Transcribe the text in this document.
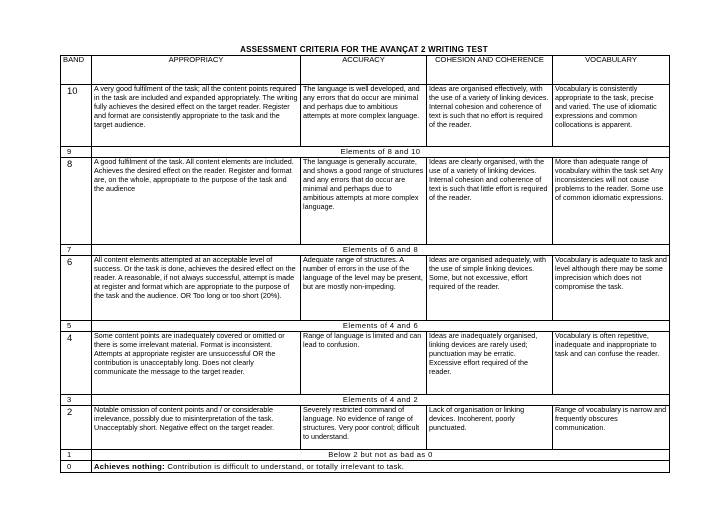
ASSESSMENT CRITERIA FOR THE AVANÇAT 2 WRITING TEST
BAND	APPROPRIACY	ACCURACY	COHESION AND COHERENCE	VOCABULARY
10	A very good fulfilment of the task; all the content points required in the task are included and expanded appropriately. The writing fully achieves the desired effect on the target reader. Register and format are consistently appropriate to the task and the target audience.	The language is well developed, and any errors that do occur are minimal and perhaps due to ambitious attempts at more complex language.	Ideas are organised effectively, with the use of a variety of linking devices. Internal cohesion and coherence of text is such that no effort is required of the reader.	Vocabulary is consistently appropriate to the task, precise and varied. The use of idiomatic expressions and common collocations is apparent.
9	Elements of 8 and 10			
8	A good fulfilment of the task. All content elements are included. Achieves the desired effect on the reader. Register and format are, on the whole, appropriate to the purpose of the task and the audience	The language is generally accurate, and shows a good range of structures and any errors that do occur are minimal and perhaps due to ambitious attempts at more complex language.	Ideas are clearly organised, with the use of a variety of linking devices. Internal cohesion and coherence of text is such that little effort is required of the reader.	More than adequate range of vocabulary within the task set Any inconsistencies will not cause problems to the reader. Some use of common idiomatic expressions.
7	Elements of 6 and 8			
6	All content elements attempted at an acceptable level of success. Or the task is done, achieves the desired effect on the reader. A reasonable, if not always successful, attempt is made at register and format which are appropriate to the purpose of the task and the audience. OR Too long or too short (20%).	Adequate range of structures. A number of errors in the use of the language of the level may be present, but are mostly non-impeding.	Ideas are organised adequately, with the use of simple linking devices. Some, but not excessive, effort required of the reader.	Vocabulary is adequate to task and level although there may be some imprecision which does not compromise the task.
5	Elements of 4 and 6			
4	Some content points are inadequately covered or omitted or there is some irrelevant material. Format is inconsistent. Attempts at appropriate register are unsuccessful OR the contribution is unacceptably long. Does not clearly communicate the message to the target reader.	Range of language is limited and can lead to confusion.	Ideas are inadequately organised, linking devices are rarely used; punctuation may be erratic. Excessive effort required of the reader.	Vocabulary is often repetitive, inadequate and inappropriate to task and can confuse the reader.
3	Elements of 4 and 2			
2	Notable omission of content points and / or considerable irrelevance, possibly due to misinterpretation of the task. Unacceptably short. Negative effect on the target reader.	Severely restricted command of language. No evidence of range of structures. Very poor control; difficult to understand.	Lack of organisation or linking devices. Incoherent, poorly punctuated.	Range of vocabulary is narrow and frequently obscures communication.
1	Below 2 but not as bad as 0			
0	Achieves nothing: Contribution is difficult to understand, or totally irrelevant to task.			
